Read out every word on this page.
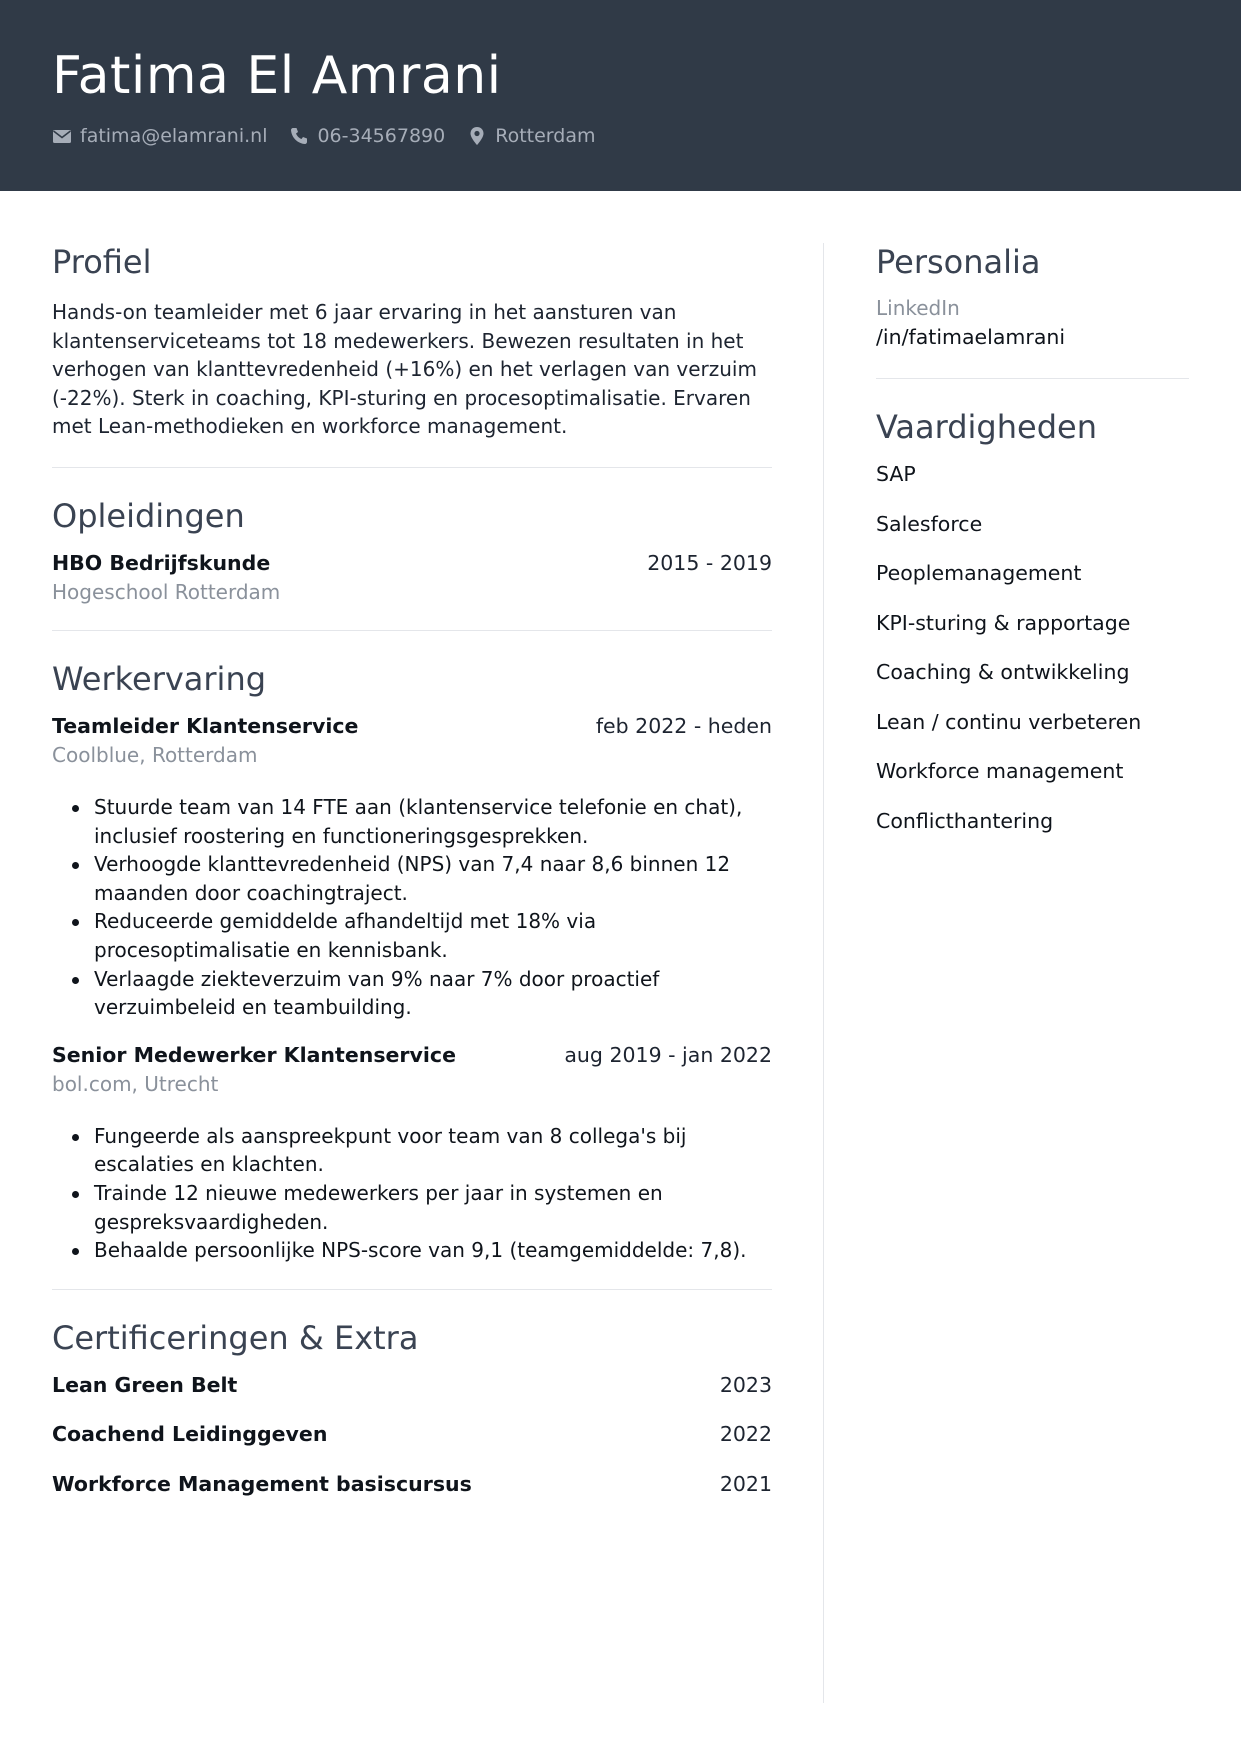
Fatima El Amrani
fatima@elamrani.nl	06-34567890	Rotterdam
Profiel

Hands-on teamleider met 6 jaar ervaring in het aansturen van klantenserviceteams tot 18 medewerkers. Bewezen resultaten in het verhogen van klanttevredenheid (+16%) en het verlagen van verzuim (-22%). Sterk in coaching, KPI-sturing en procesoptimalisatie. Ervaren met Lean-methodieken en workforce management.

Opleidingen
HBO Bedrijfskunde	2015 - 2019
Hogeschool Rotterdam
Werkervaring
Teamleider Klantenservice	feb 2022 - heden
Coolblue, Rotterdam
Stuurde team van 14 FTE aan (klantenservice telefonie en chat), inclusief roostering en functioneringsgesprekken.
Verhoogde klanttevredenheid (NPS) van 7,4 naar 8,6 binnen 12 maanden door coachingtraject.
Reduceerde gemiddelde afhandeltijd met 18% via procesoptimalisatie en kennisbank.
Verlaagde ziekteverzuim van 9% naar 7% door proactief verzuimbeleid en teambuilding.
Senior Medewerker Klantenservice	aug 2019 - jan 2022
bol.com, Utrecht
Fungeerde als aanspreekpunt voor team van 8 collega's bij escalaties en klachten.
Trainde 12 nieuwe medewerkers per jaar in systemen en gespreksvaardigheden.
Behaalde persoonlijke NPS-score van 9,1 (teamgemiddelde: 7,8).
Certificeringen & Extra
Lean Green Belt	2023
Coachend Leidinggeven	2022
Workforce Management basiscursus	2021
Personalia
LinkedIn
/in/fatimaelamrani
Vaardigheden
SAP
Salesforce
Peoplemanagement
KPI-sturing & rapportage
Coaching & ontwikkeling
Lean / continu verbeteren
Workforce management
Conflicthantering
